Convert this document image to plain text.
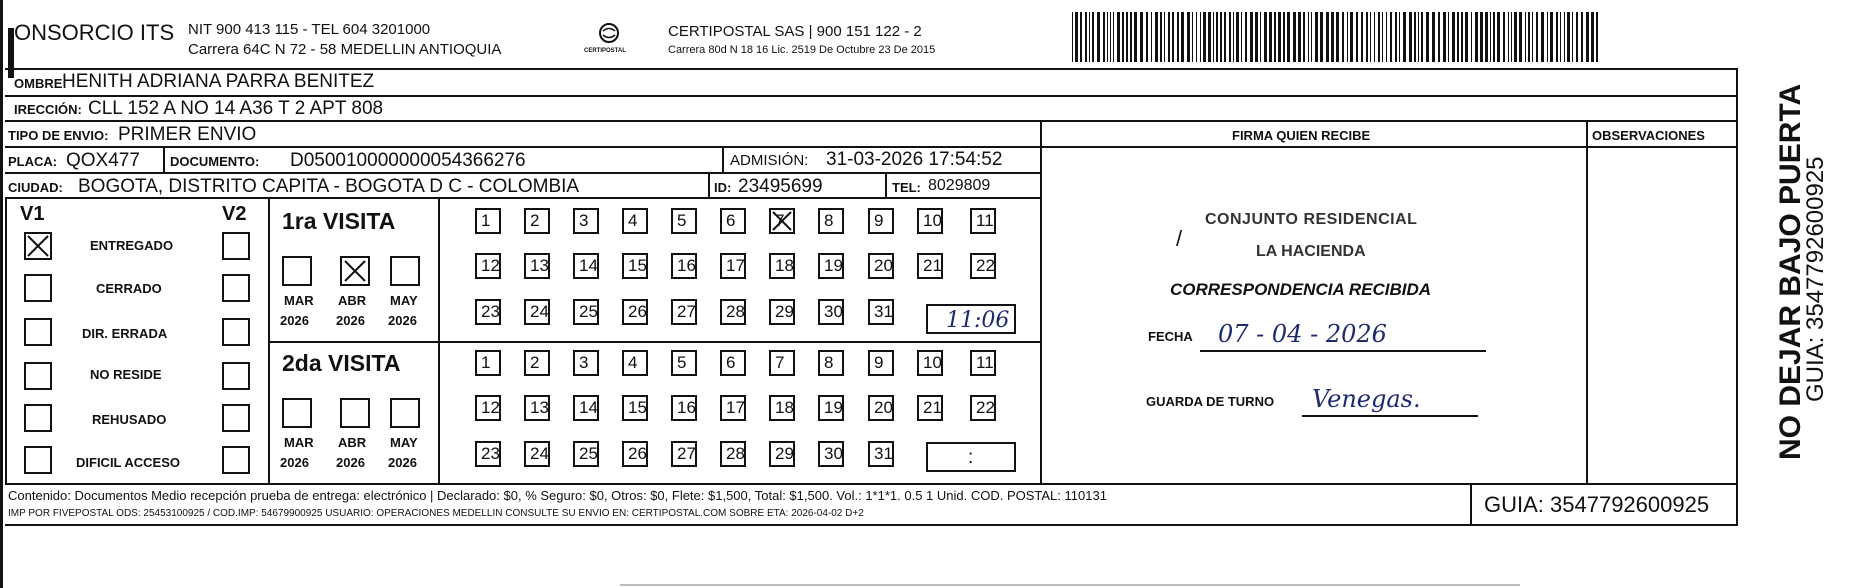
ONSORCIO ITS NIT 900 413 115 - TEL 604 3201000
Carrera 64C N 72 - 58 MEDELLIN ANTIOQUIA	CERTIPOSTAL
CERTIPOSTAL SAS | 900 151 122 - 2
Carrera 80d N 18 16 Lic. 2519 De Octubre 23 De 2015
OMBRE:
HENITH ADRIANA PARRA BENITEZ
IRECCIÓN: CLL 152 A NO 14 A36 T 2 APT 808
TIPO DE ENVIO: PRIMER ENVIO
PLACA: QOX477 DOCUMENTO: D050010000000054366276	ADMISIÓN: 31-03-2026 17:54:52
CIUDAD: BOGOTA, DISTRITO CAPITA - BOGOTA D C - COLOMBIA	ID: 23495699	TEL: 8029809
FIRMA QUIEN RECIBE	OBSERVACIONES
CONJUNTO RESIDENCIAL
LA HACIENDA
CORRESPONDENCIA RECIBIDA
/
FECHA 07 - 04 - 2026
GUARDA DE TURNO Venegas.
V1	V2
ENTREGADO
CERRADO
DIR. ERRADA
NO RESIDE
REHUSADO
DIFICIL ACCESO
1ra VISITA
MAR ABR MAY
2026 2026 2026
1	2	3	4	5	6	7	8	9	10	11
12	13	14	15	16	17	18	19	20	21	22
23	24	25	26	27	28	29	30	31
2da VISITA
MAR ABR MAY
2026 2026 2026
1	2	3	4	5	6	7	8	9	10	11
12	13	14	15	16	17	18	19	20	21	22
23	24	25	26	27	28	29	30	31
11:06
:
Contenido: Documentos Medio recepción prueba de entrega: electrónico | Declarado: $0, % Seguro: $0, Otros: $0, Flete: $1,500, Total: $1,500. Vol.: 1*1*1. 0.5 1 Unid. COD. POSTAL: 110131
IMP POR FIVEPOSTAL ODS: 25453100925 / COD.IMP: 54679900925 USUARIO: OPERACIONES MEDELLIN CONSULTE SU ENVIO EN: CERTIPOSTAL.COM SOBRE ETA: 2026-04-02 D+2	GUIA: 3547792600925
NO DEJAR BAJO PUERTA
GUIA: 3547792600925
